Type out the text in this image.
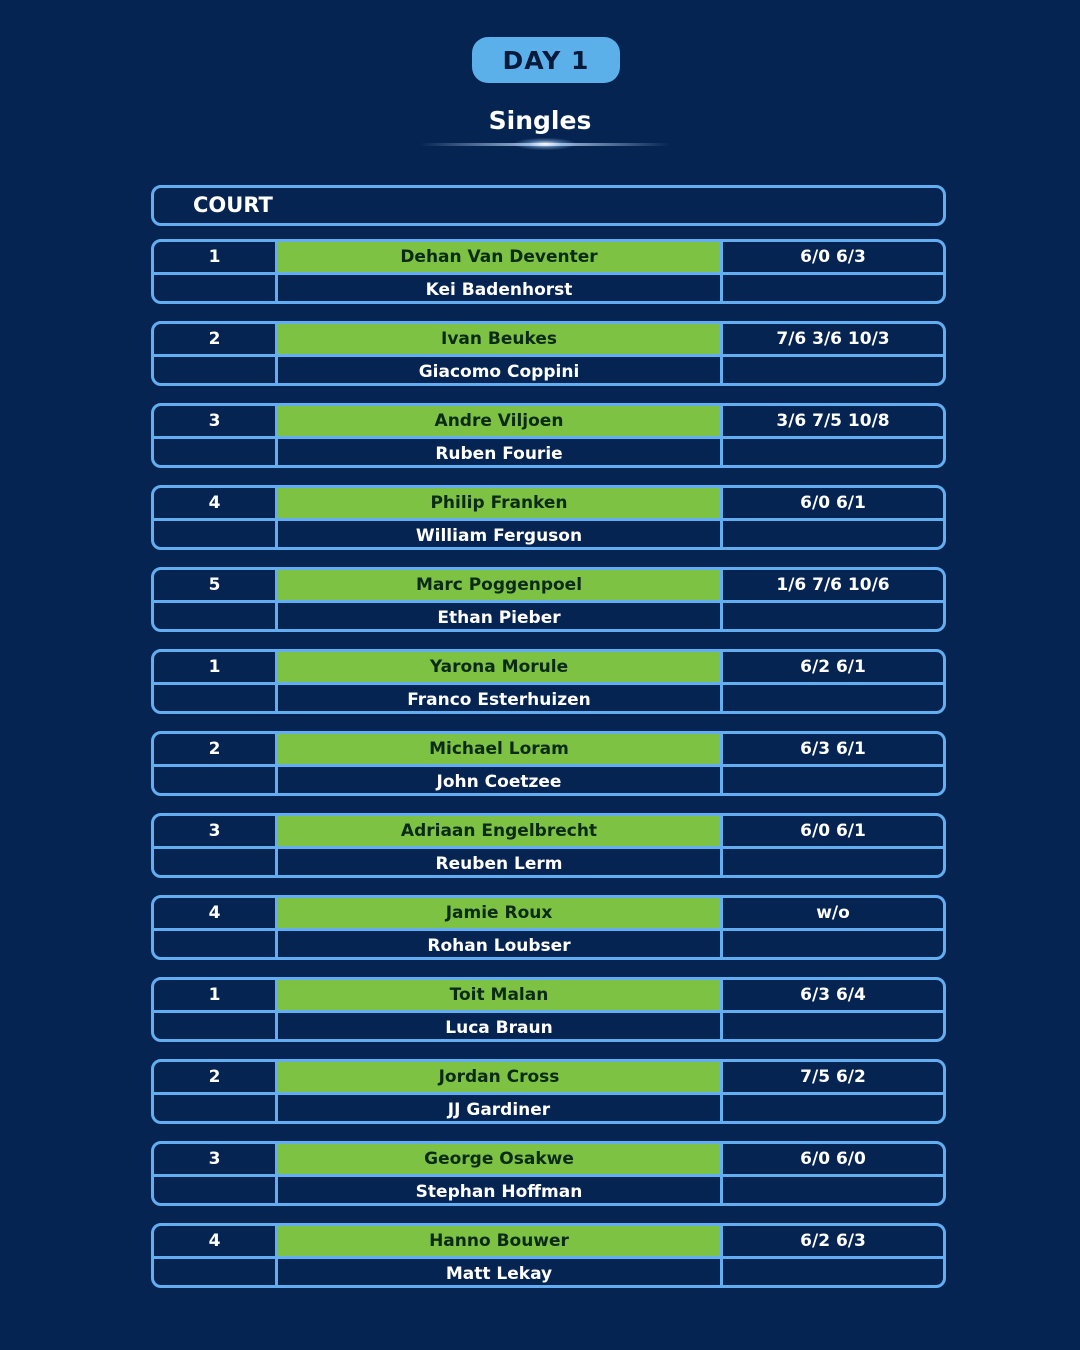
DAY 1
Singles
COURT
1	Dehan Van Deventer	6/0 6/3
Kei Badenhorst
2	Ivan Beukes	7/6 3/6 10/3
Giacomo Coppini
3	Andre Viljoen	3/6 7/5 10/8
Ruben Fourie
4	Philip Franken	6/0 6/1
William Ferguson
5	Marc Poggenpoel	1/6 7/6 10/6
Ethan Pieber
1	Yarona Morule	6/2 6/1
Franco Esterhuizen
2	Michael Loram	6/3 6/1
John Coetzee
3	Adriaan Engelbrecht	6/0 6/1
Reuben Lerm
4	Jamie Roux	w/o
Rohan Loubser
1	Toit Malan	6/3 6/4
Luca Braun
2	Jordan Cross	7/5 6/2
JJ Gardiner
3	George Osakwe	6/0 6/0
Stephan Hoffman
4	Hanno Bouwer	6/2 6/3
Matt Lekay
